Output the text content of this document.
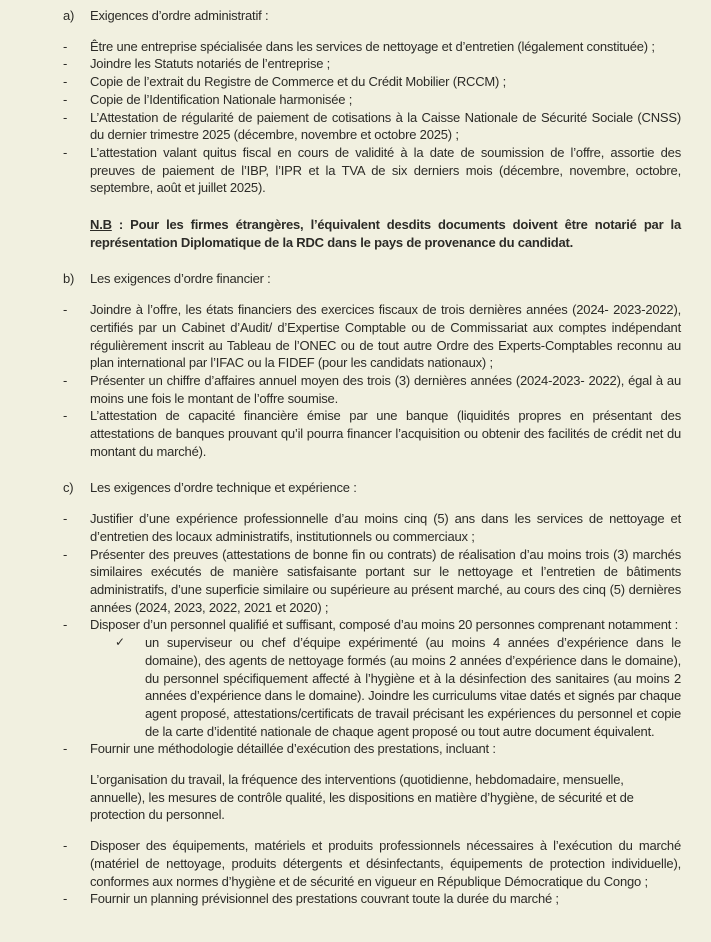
a)	Exigences d’ordre administratif :
-	Être une entreprise spécialisée dans les services de nettoyage et d’entretien (légalement constituée) ;

-	Joindre les Statuts notariés de l’entreprise ;

-	Copie de l’extrait du Registre de Commerce et du Crédit Mobilier (RCCM) ;

-	Copie de l’Identification Nationale harmonisée ;

-	L’Attestation de régularité de paiement de cotisations à la Caisse Nationale de Sécurité Sociale (CNSS) du dernier trimestre 2025 (décembre, novembre et octobre 2025) ;

-	L’attestation valant quitus fiscal en cours de validité à la date de soumission de l’offre, assortie des preuves de paiement de l’IBP, l’IPR et la TVA de six derniers mois (décembre, novembre, octobre, septembre, août et juillet 2025).

N.B : Pour les firmes étrangères, l’équivalent desdits documents doivent être notarié par la représentation Diplomatique de la RDC dans le pays de provenance du candidat.

b)	Les exigences d’ordre financier :
-	Joindre à l’offre, les états financiers des exercices fiscaux de trois dernières années (2024- 2023-2022), certifiés par un Cabinet d’Audit/ d’Expertise Comptable ou de Commissariat aux comptes indépendant régulièrement inscrit au Tableau de l’ONEC ou de tout autre Ordre des Experts-Comptables reconnu au plan international par l’IFAC ou la FIDEF (pour les candidats nationaux) ;

-	Présenter un chiffre d’affaires annuel moyen des trois (3) dernières années (2024-2023- 2022), égal à au moins une fois le montant de l’offre soumise.

-	L’attestation de capacité financière émise par une banque (liquidités propres en présentant des attestations de banques prouvant qu’il pourra financer l’acquisition ou obtenir des facilités de crédit net du montant du marché).

c)	Les exigences d’ordre technique et expérience :
-	Justifier d’une expérience professionnelle d’au moins cinq (5) ans dans les services de nettoyage et d’entretien des locaux administratifs, institutionnels ou commerciaux ;

-	Présenter des preuves (attestations de bonne fin ou contrats) de réalisation d’au moins trois (3) marchés similaires exécutés de manière satisfaisante portant sur le nettoyage et l’entretien de bâtiments administratifs, d’une superficie similaire ou supérieure au présent marché, au cours des cinq (5) dernières années (2024, 2023, 2022, 2021 et 2020) ;

-	Disposer d’un personnel qualifié et suffisant, composé d’au moins 20 personnes comprenant notamment :

✓	un superviseur ou chef d’équipe expérimenté (au moins 4 années d’expérience dans le domaine), des agents de nettoyage formés (au moins 2 années d’expérience dans le domaine), du personnel spécifiquement affecté à l’hygiène et à la désinfection des sanitaires (au moins 2 années d’expérience dans le domaine). Joindre les curriculums vitae datés et signés par chaque agent proposé, attestations/certificats de travail précisant les expériences du personnel et copie de la carte d’identité nationale de chaque agent proposé ou tout autre document équivalent.

-	Fournir une méthodologie détaillée d’exécution des prestations, incluant :

L’organisation du travail, la fréquence des interventions (quotidienne, hebdomadaire, mensuelle, annuelle), les mesures de contrôle qualité, les dispositions en matière d’hygiène, de sécurité et de protection du personnel.

-	Disposer des équipements, matériels et produits professionnels nécessaires à l’exécution du marché (matériel de nettoyage, produits détergents et désinfectants, équipements de protection individuelle), conformes aux normes d’hygiène et de sécurité en vigueur en République Démocratique du Congo ;

-	Fournir un planning prévisionnel des prestations couvrant toute la durée du marché ;
